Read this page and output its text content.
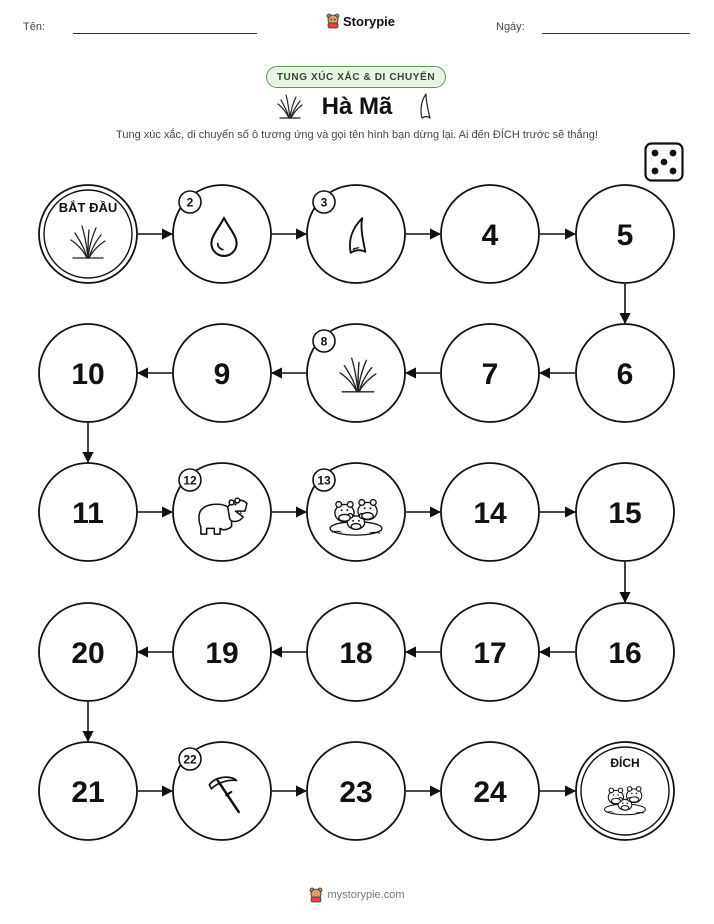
Tên:	Storypie	Ngày:
TUNG XÚC XẮC & DI CHUYỂN
Hà Mã
Tung xúc xắc, di chuyển số ô tương ứng và gọi tên hình bạn dừng lại. Ai đến ĐÍCH trước sẽ thắng!
BẮT ĐẦU	2	3
4	5
6
7
8
9
10
11
12	13
14	15
16
17
18
19
20
21
22
23	24
ĐÍCH
mystorypie.com
